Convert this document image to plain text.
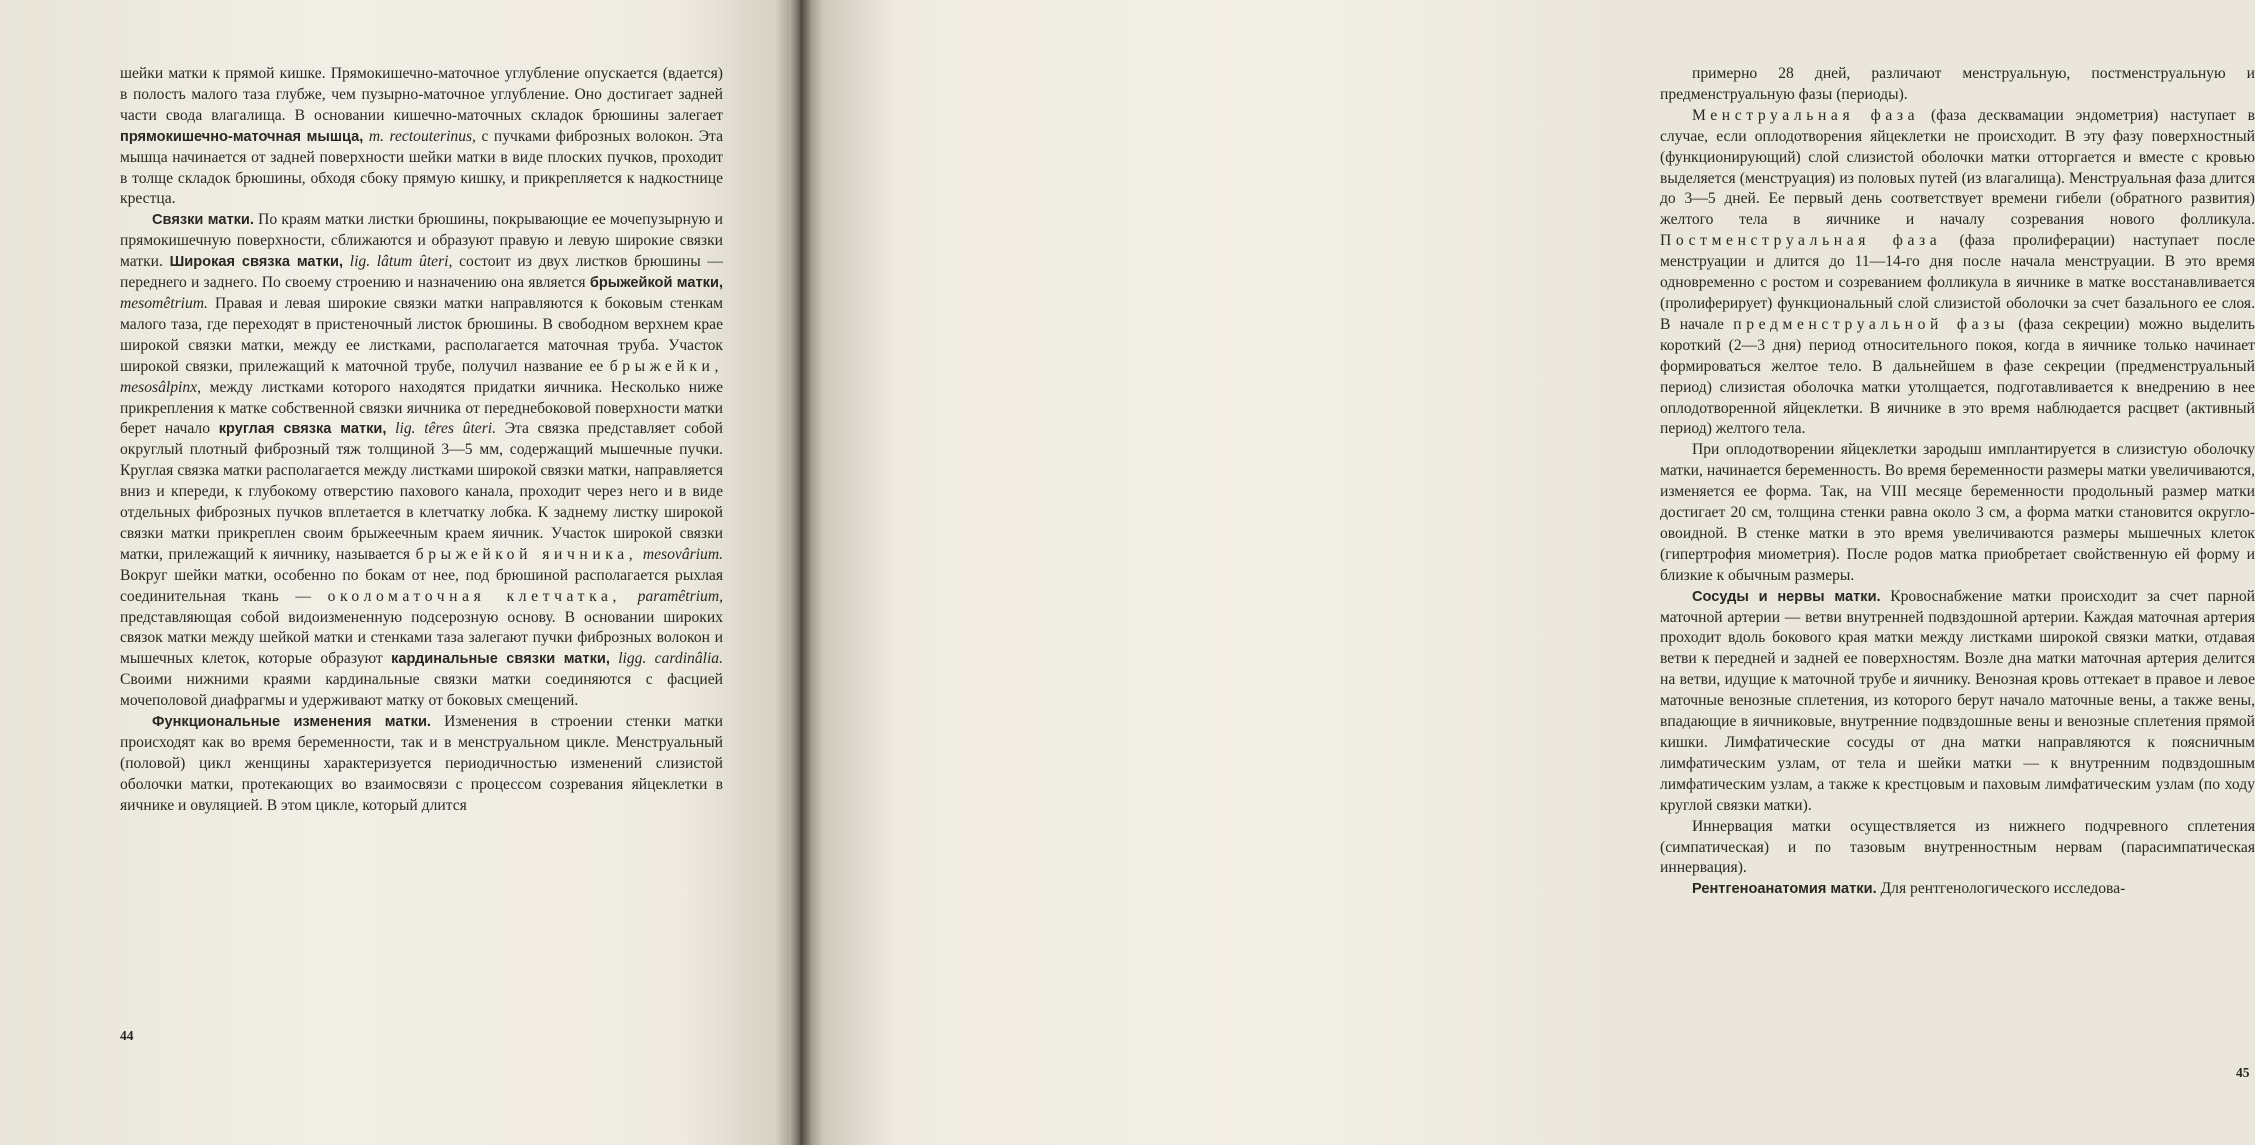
шейки матки к прямой кишке. Прямокишечно-маточное углубление опускается (вдается) в полость малого таза глубже, чем пузырно-маточное углубление. Оно достигает задней части свода влагалища. В основании кишечно-маточных складок брюшины залегает прямокишечно-маточная мышца, m. rectouterinus, с пучками фиброзных волокон. Эта мышца начинается от задней поверхности шейки матки в виде плоских пучков, проходит в толще складок брюшины, обходя сбоку прямую кишку, и прикрепляется к надкостнице крестца.

Связки матки. По краям матки листки брюшины, покрывающие ее мочепузырную и прямокишечную поверхности, сближаются и образуют правую и левую широкие связки матки. Широкая связка матки, lig. lâtum ûteri, состоит из двух листков брюшины — переднего и заднего. По своему строению и назначению она является брыжейкой матки, mesomêtrium. Правая и левая широкие связки матки направляются к боковым стенкам малого таза, где переходят в пристеночный листок брюшины. В свободном верхнем крае широкой связки матки, между ее листками, располагается маточная труба. Участок широкой связки, прилежащий к маточной трубе, получил название ее брыжейки, mesosâlpinx, между листками которого находятся придатки яичника. Несколько ниже прикрепления к матке собственной связки яичника от переднебоковой поверхности матки берет начало круглая связка матки, lig. têres ûteri. Эта связка представляет собой округлый плотный фиброзный тяж толщиной 3—5 мм, содержащий мышечные пучки. Круглая связка матки располагается между листками широкой связки матки, направляется вниз и кпереди, к глубокому отверстию пахового канала, проходит через него и в виде отдельных фиброзных пучков вплетается в клетчатку лобка. К заднему листку широкой связки матки прикреплен своим брыжеечным краем яичник. Участок широкой связки матки, прилежащий к яичнику, называется брыжейкой яичника, mesovârium. Вокруг шейки матки, особенно по бокам от нее, под брюшиной располагается рыхлая соединительная ткань — околоматочная клетчатка, paramêtrium, представляющая собой видоизмененную подсерозную основу. В основании широких связок матки между шейкой матки и стенками таза залегают пучки фиброзных волокон и мышечных клеток, которые образуют кардинальные связки матки, ligg. cardinâlia. Своими нижними краями кардинальные связки матки соединяются с фасцией мочеполовой диафрагмы и удерживают матку от боковых смещений.

Функциональные изменения матки. Изменения в строении стенки матки происходят как во время беременности, так и в менструальном цикле. Менструальный (половой) цикл женщины характеризуется периодичностью изменений слизистой оболочки матки, протекающих во взаимосвязи с процессом созревания яйцеклетки в яичнике и овуляцией. В этом цикле, который длится

44

примерно 28 дней, различают менструальную, постменструальную и предменструальную фазы (периоды).

Менструальная фаза (фаза десквамации эндометрия) наступает в случае, если оплодотворения яйцеклетки не происходит. В эту фазу поверхностный (функционирующий) слой слизистой оболочки матки отторгается и вместе с кровью выделяется (менструация) из половых путей (из влагалища). Менструальная фаза длится до 3—5 дней. Ее первый день соответствует времени гибели (обратного развития) желтого тела в яичнике и началу созревания нового фолликула. Постменструальная фаза (фаза пролиферации) наступает после менструации и длится до 11—14-го дня после начала менструации. В это время одновременно с ростом и созреванием фолликула в яичнике в матке восстанавливается (пролиферирует) функциональный слой слизистой оболочки за счет базального ее слоя. В начале предменструальной фазы (фаза секреции) можно выделить короткий (2—3 дня) период относительного покоя, когда в яичнике только начинает формироваться желтое тело. В дальнейшем в фазе секреции (предменструальный период) слизистая оболочка матки утолщается, подготавливается к внедрению в нее оплодотворенной яйцеклетки. В яичнике в это время наблюдается расцвет (активный период) желтого тела.

При оплодотворении яйцеклетки зародыш имплантируется в слизистую оболочку матки, начинается беременность. Во время беременности размеры матки увеличиваются, изменяется ее форма. Так, на VIII месяце беременности продольный размер матки достигает 20 см, толщина стенки равна около 3 см, а форма матки становится округло-овоидной. В стенке матки в это время увеличиваются размеры мышечных клеток (гипертрофия миометрия). После родов матка приобретает свойственную ей форму и близкие к обычным размеры.

Сосуды и нервы матки. Кровоснабжение матки происходит за счет парной маточной артерии — ветви внутренней подвздошной артерии. Каждая маточная артерия проходит вдоль бокового края матки между листками широкой связки матки, отдавая ветви к передней и задней ее поверхностям. Возле дна матки маточная артерия делится на ветви, идущие к маточной трубе и яичнику. Венозная кровь оттекает в правое и левое маточные венозные сплетения, из которого берут начало маточные вены, а также вены, впадающие в яичниковые, внутренние подвздошные вены и венозные сплетения прямой кишки. Лимфатические сосуды от дна матки направляются к поясничным лимфатическим узлам, от тела и шейки матки — к внутренним подвздошным лимфатическим узлам, а также к крестцовым и паховым лимфатическим узлам (по ходу круглой связки матки).

Иннервация матки осуществляется из нижнего подчревного сплетения (симпатическая) и по тазовым внутренностным нервам (парасимпатическая иннервация).

Рентгеноанатомия матки. Для рентгенологического исследова-

45
